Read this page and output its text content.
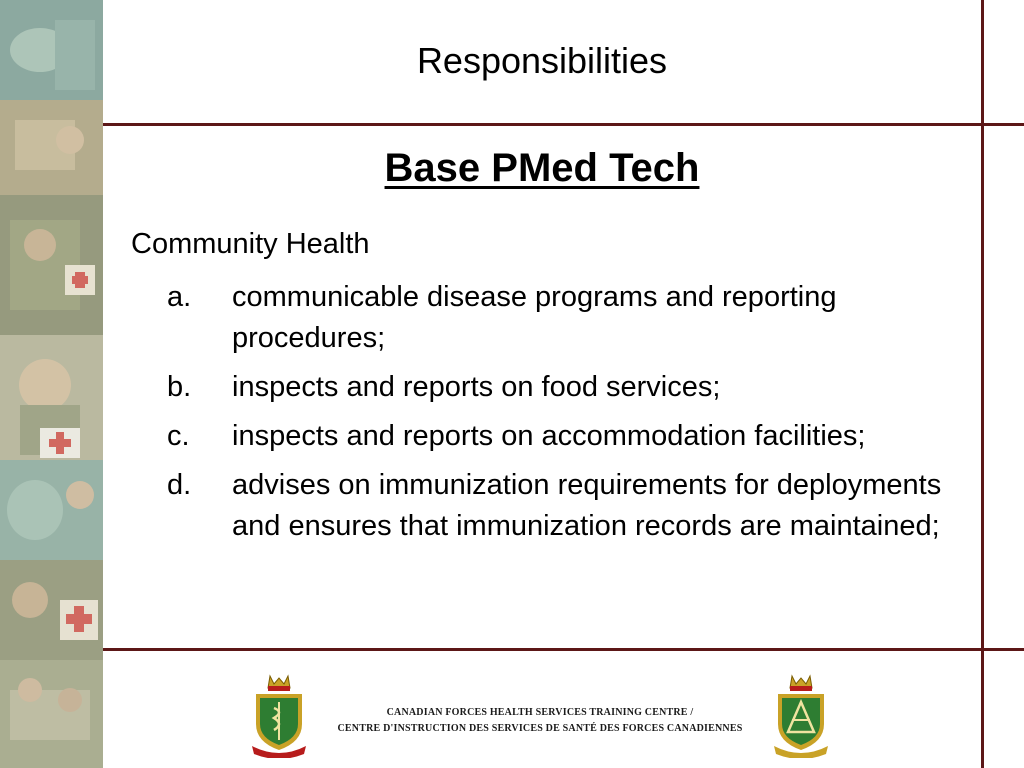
Responsibilities
Base PMed Tech
Community Health
a. communicable disease programs and reporting procedures;
b. inspects and reports on food services;
c. inspects and reports on accommodation facilities;
d. advises on immunization requirements for deployments and ensures that immunization records are maintained;
CANADIAN FORCES HEALTH SERVICES TRAINING CENTRE /
CENTRE D'INSTRUCTION DES SERVICES DE SANTÉ DES FORCES CANADIENNES
